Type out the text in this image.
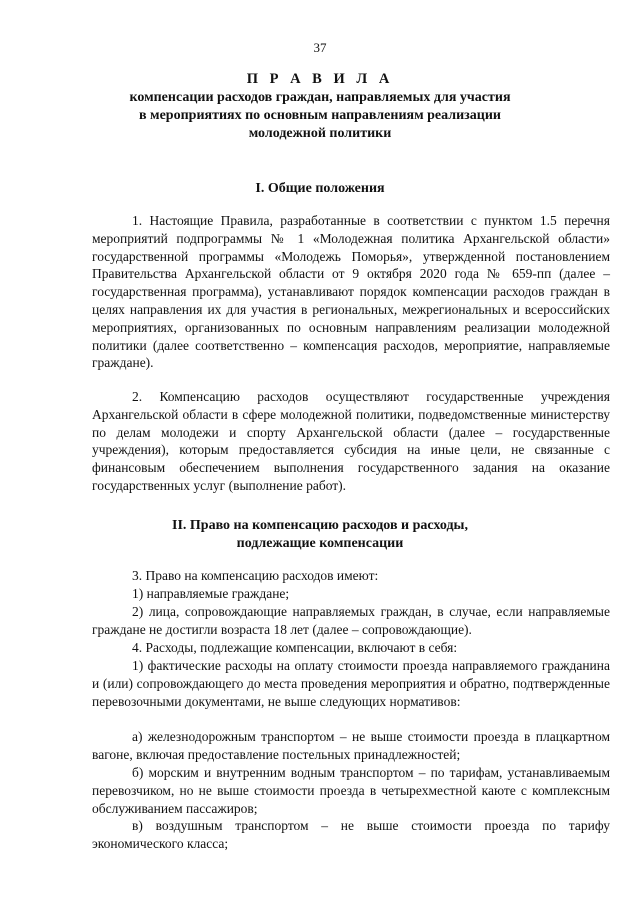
37
П Р А В И Л А
компенсации расходов граждан, направляемых для участия
в мероприятиях по основным направлениям реализации
молодежной политики
I. Общие положения
1. Настоящие Правила, разработанные в соответствии с пунктом 1.5 перечня мероприятий подпрограммы № 1 «Молодежная политика Архангельской области» государственной программы «Молодежь Поморья», утвержденной постановлением Правительства Архангельской области от 9 октября 2020 года № 659-пп (далее – государственная программа), устанавливают порядок компенсации расходов граждан в целях направления их для участия в региональных, межрегиональных и всероссийских мероприятиях, организованных по основным направлениям реализации молодежной политики (далее соответственно – компенсация расходов, мероприятие, направляемые граждане).
2. Компенсацию расходов осуществляют государственные учреждения Архангельской области в сфере молодежной политики, подведомственные министерству по делам молодежи и спорту Архангельской области (далее – государственные учреждения), которым предоставляется субсидия на иные цели, не связанные с финансовым обеспечением выполнения государственного задания на оказание государственных услуг (выполнение работ).
II. Право на компенсацию расходов и расходы,
подлежащие компенсации
3. Право на компенсацию расходов имеют:
1) направляемые граждане;
2) лица, сопровождающие направляемых граждан, в случае, если направляемые граждане не достигли возраста 18 лет (далее – сопровождающие).
4. Расходы, подлежащие компенсации, включают в себя:
1) фактические расходы на оплату стоимости проезда направляемого гражданина и (или) сопровождающего до места проведения мероприятия и обратно, подтвержденные перевозочными документами, не выше следующих нормативов:
а) железнодорожным транспортом – не выше стоимости проезда в плацкартном вагоне, включая предоставление постельных принадлежностей;
б) морским и внутренним водным транспортом – по тарифам, устанавливаемым перевозчиком, но не выше стоимости проезда в четырехместной каюте с комплексным обслуживанием пассажиров;
в) воздушным транспортом – не выше стоимости проезда по тарифу экономического класса;
